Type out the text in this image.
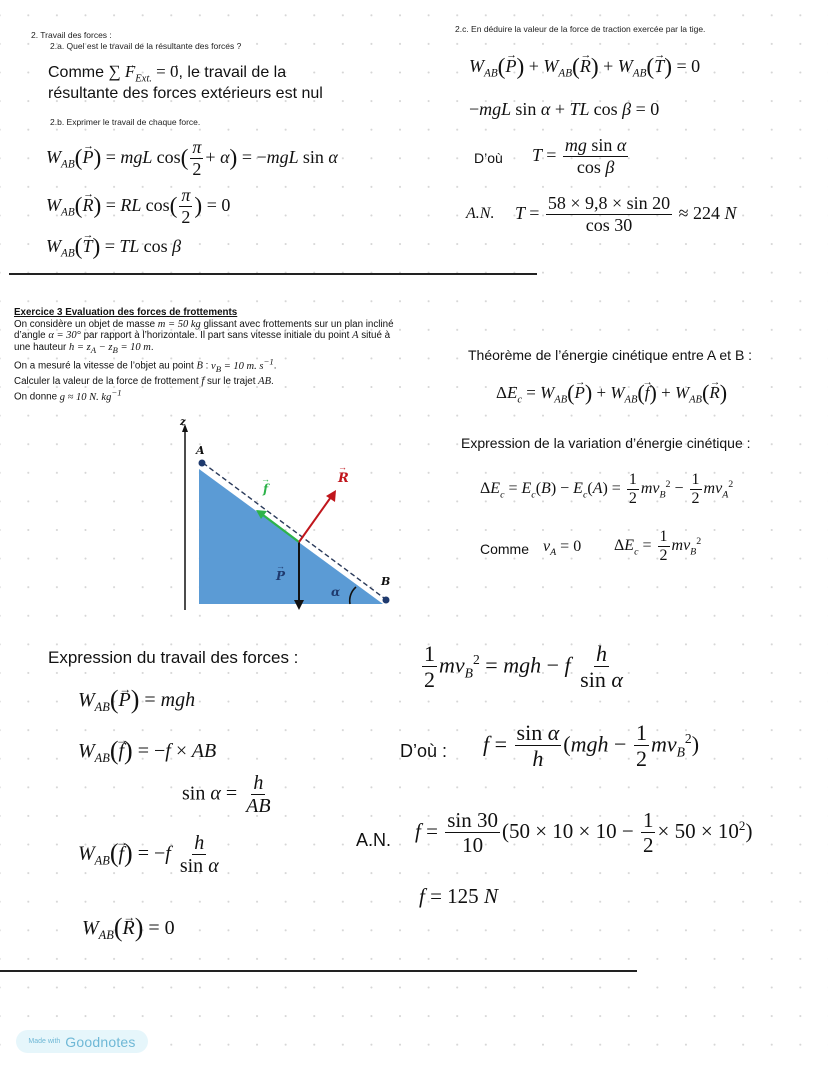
2. Travail des forces :
2.a. Quel est le travail de la résultante des forces ?
Comme ∑ → $F_{Ext.}$ = → 0, le travail de la
résultante des forces extérieurs est nul
2.b. Exprimer le travail de chaque force.
$W_{AB}(\to P)$ = mgL $\cos( \frac{\pi}{2} + \alpha) = -mgL$ sin α
$W_{AB}(\to R)$ = RL $\cos( \frac{\pi}{2}$ ) = 0
$W_{AB}(\to T)$ = TL cos β
2.c. En déduire la valeur de la force de traction exercée par la tige.
$W_{AB}(\to P) + W_{AB}(\to R) + W_{AB}(\to T) = 0$
−mgL sin α + TL cos β = 0
D’où $T = \frac{\text{mg sin α}}{\text{cos β}}$
A.N. $T = \frac{58 \times 9,8 \times \sin 20}{\cos 30} \approx 224$ N
Exercice 3 Evaluation des forces de frottements
On considère un objet de masse m = 50 kg glissant avec frottements sur un plan incliné
d’angle α = 30° par rapport à l’horizontale. Il part sans vitesse initiale du point A situé à
une hauteur $h = z_A - z_B = 10$ m.
On a mesuré la vitesse de l’objet au point B : $v_B = 10$ m. $s^{-1}$.
Calculer la valeur de la force de frottement → f sur le trajet AB.
On donne g ≈ 10 N. $kg^{-1}$
z
A
B
P
→
f
→	R
→
α
Théorème de l’énergie cinétique entre A et B :
$\Delta E_c = W_{AB}(\to P) + W_{AB}(\to f) + W_{AB}(\to R)$
Expression de la variation d’énergie cinétique :
$\Delta E_c = E_c(B) - E_c(A) = \frac{1}{2} mv_B^2 - \frac{1}{2} mv_A^2$
Comme $v_A = 0$ $\Delta E_c = \frac{1}{2} mv_B^2$
Expression du travail des forces :
$W_{AB}(\to P)$ = mgh
$W_{AB}(\to f) = -f$ × AB
$\sin \alpha = \frac{h}{AB}$
$W_{AB}(\to f) = -f \frac{h}{\text{sin α}}$
$W_{AB}(\to R) = 0$
$\frac{1}{2} mv_B^2$ = mgh − f $\frac{h}{\text{sin α}}$
D’où : $f = \frac{\text{sin α}}{h} (mgh - \frac{1}{2} mv_B^2)$
A.N. $f = \frac{\sin 30}{10} (50 \times 10 \times 10 - \frac{1}{2} \times 50 \times 10^2)$
f = 125 N
Made with Goodnotes
